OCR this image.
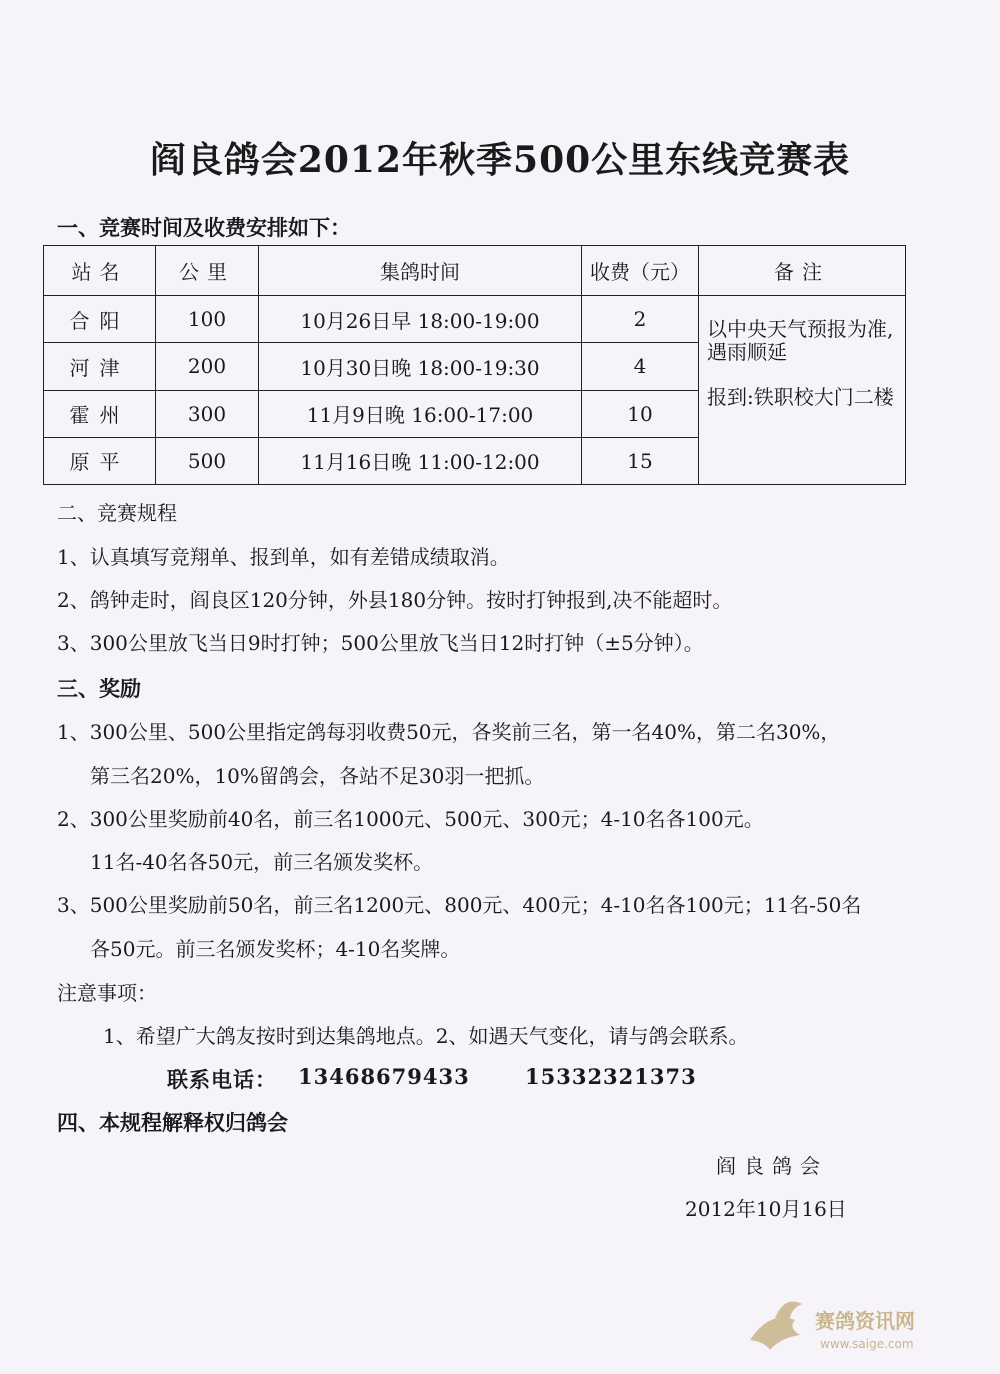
阎良鸽会2012年秋季500公里东线竞赛表
一、竞赛时间及收费安排如下：
站名	公里	集鸽时间	收费（元）	备注
合阳	100	10月26日早 18:00-19:00	2	以中央天气预报为准,遇雨顺延
报到:铁职校大门二楼

河津	200	10月30日晚 18:00-19:30	4	
霍州	300	11月9日晚 16:00-17:00	10	
原平	500	11月16日晚 11:00-12:00	15	
二、竞赛规程
1、认真填写竞翔单、报到单，如有差错成绩取消。
2、鸽钟走时，阎良区120分钟，外县180分钟。按时打钟报到,决不能超时。
3、300公里放飞当日9时打钟；500公里放飞当日12时打钟（±5分钟）。
三、奖励
1、300公里、500公里指定鸽每羽收费50元，各奖前三名，第一名40%，第二名30%，
第三名20%，10%留鸽会，各站不足30羽一把抓。
2、300公里奖励前40名，前三名1000元、500元、300元；4-10名各100元。
11名-40名各50元，前三名颁发奖杯。
3、500公里奖励前50名，前三名1200元、800元、400元；4-10名各100元；11名-50名
各50元。前三名颁发奖杯；4-10名奖牌。
注意事项：
1、希望广大鸽友按时到达集鸽地点。2、如遇天气变化，请与鸽会联系。
联系电话： 13468679433	15332321373
四、本规程解释权归鸽会
阎良鸽会
2012年10月16日
赛鸽资讯网
www.saige.com
